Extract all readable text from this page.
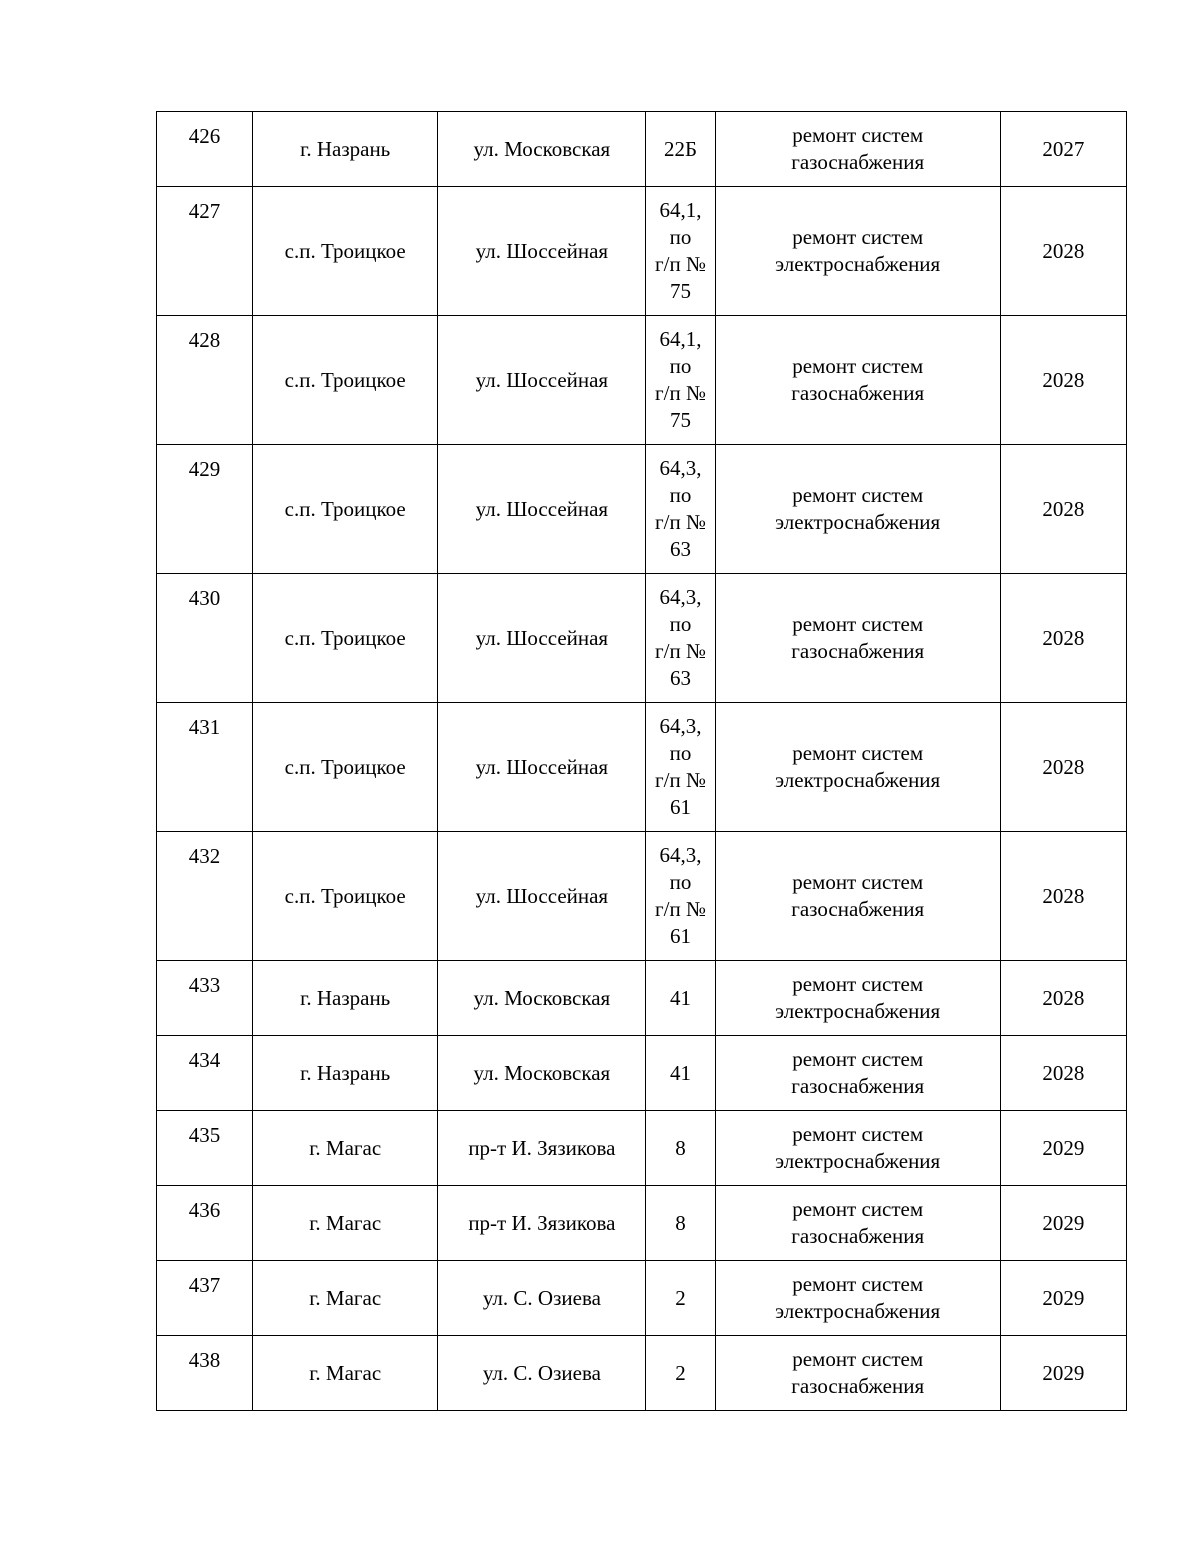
426	г. Назрань	ул. Московская	22Б	ремонт систем
газоснабжения	2027

427	с.п. Троицкое	ул. Шоссейная	64,1,
по
г/п №
75	ремонт систем
электроснабжения	2028

428	с.п. Троицкое	ул. Шоссейная	64,1,
по
г/п №
75	ремонт систем
газоснабжения	2028

429	с.п. Троицкое	ул. Шоссейная	64,3,
по
г/п №
63	ремонт систем
электроснабжения	2028

430	с.п. Троицкое	ул. Шоссейная	64,3,
по
г/п №
63	ремонт систем
газоснабжения	2028

431	с.п. Троицкое	ул. Шоссейная	64,3,
по
г/п №
61	ремонт систем
электроснабжения	2028

432	с.п. Троицкое	ул. Шоссейная	64,3,
по
г/п №
61	ремонт систем
газоснабжения	2028

433	г. Назрань	ул. Московская	41	ремонт систем
электроснабжения	2028

434	г. Назрань	ул. Московская	41	ремонт систем
газоснабжения	2028

435	г. Магас	пр-т И. Зязикова	8	ремонт систем
электроснабжения	2029

436	г. Магас	пр-т И. Зязикова	8	ремонт систем
газоснабжения	2029

437	г. Магас	ул. С. Озиева	2	ремонт систем
электроснабжения	2029

438	г. Магас	ул. С. Озиева	2	ремонт систем
газоснабжения	2029
